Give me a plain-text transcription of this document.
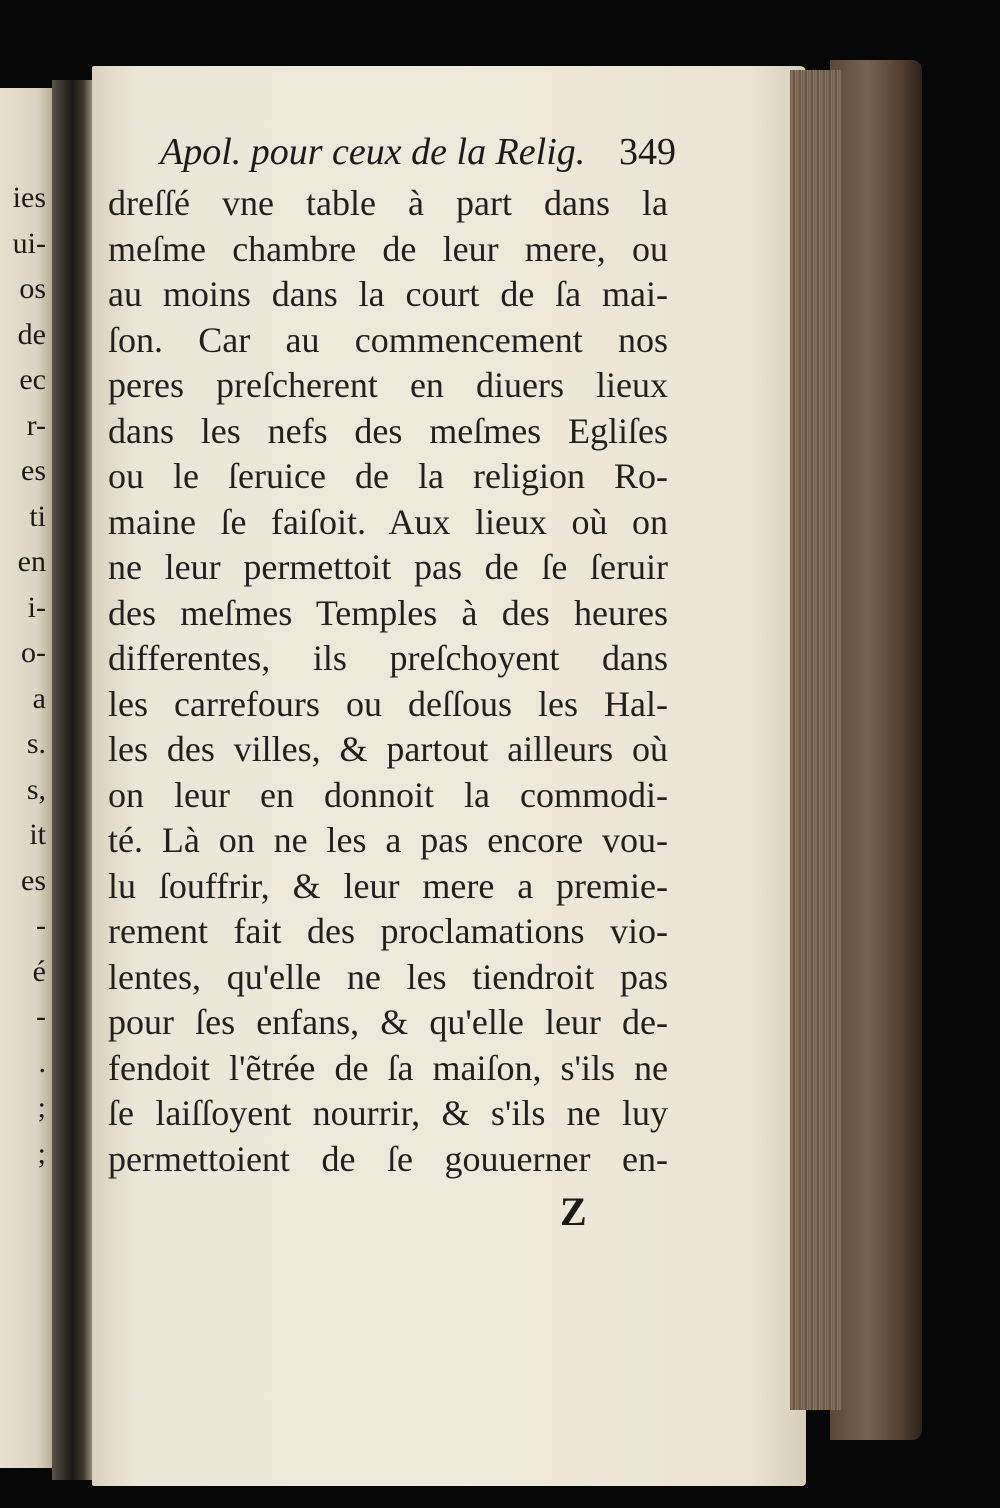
ies
ui-
os
de
ec
r-
es
ti
en
i-
o-
a
s.
s,
it
es
-
é
-
.
;
;
Apol. pour ceux de la Relig. 349
dreſſé vne table à part dans la
meſme chambre de leur mere, ou
au moins dans la court de ſa mai-
ſon. Car au commencement nos
peres preſcherent en diuers lieux
dans les nefs des meſmes Egliſes
ou le ſeruice de la religion Ro-
maine ſe faiſoit. Aux lieux où on
ne leur permettoit pas de ſe ſeruir
des meſmes Temples à des heures
differentes, ils preſchoyent dans
les carrefours ou deſſous les Hal-
les des villes, & partout ailleurs où
on leur en donnoit la commodi-
té. Là on ne les a pas encore vou-
lu ſouffrir, & leur mere a premie-
rement fait des proclamations vio-
lentes, qu'elle ne les tiendroit pas
pour ſes enfans, & qu'elle leur de-
fendoit l'ẽtrée de ſa maiſon, s'ils ne
ſe laiſſoyent nourrir, & s'ils ne luy
permettoient de ſe gouuerner en-
Z
